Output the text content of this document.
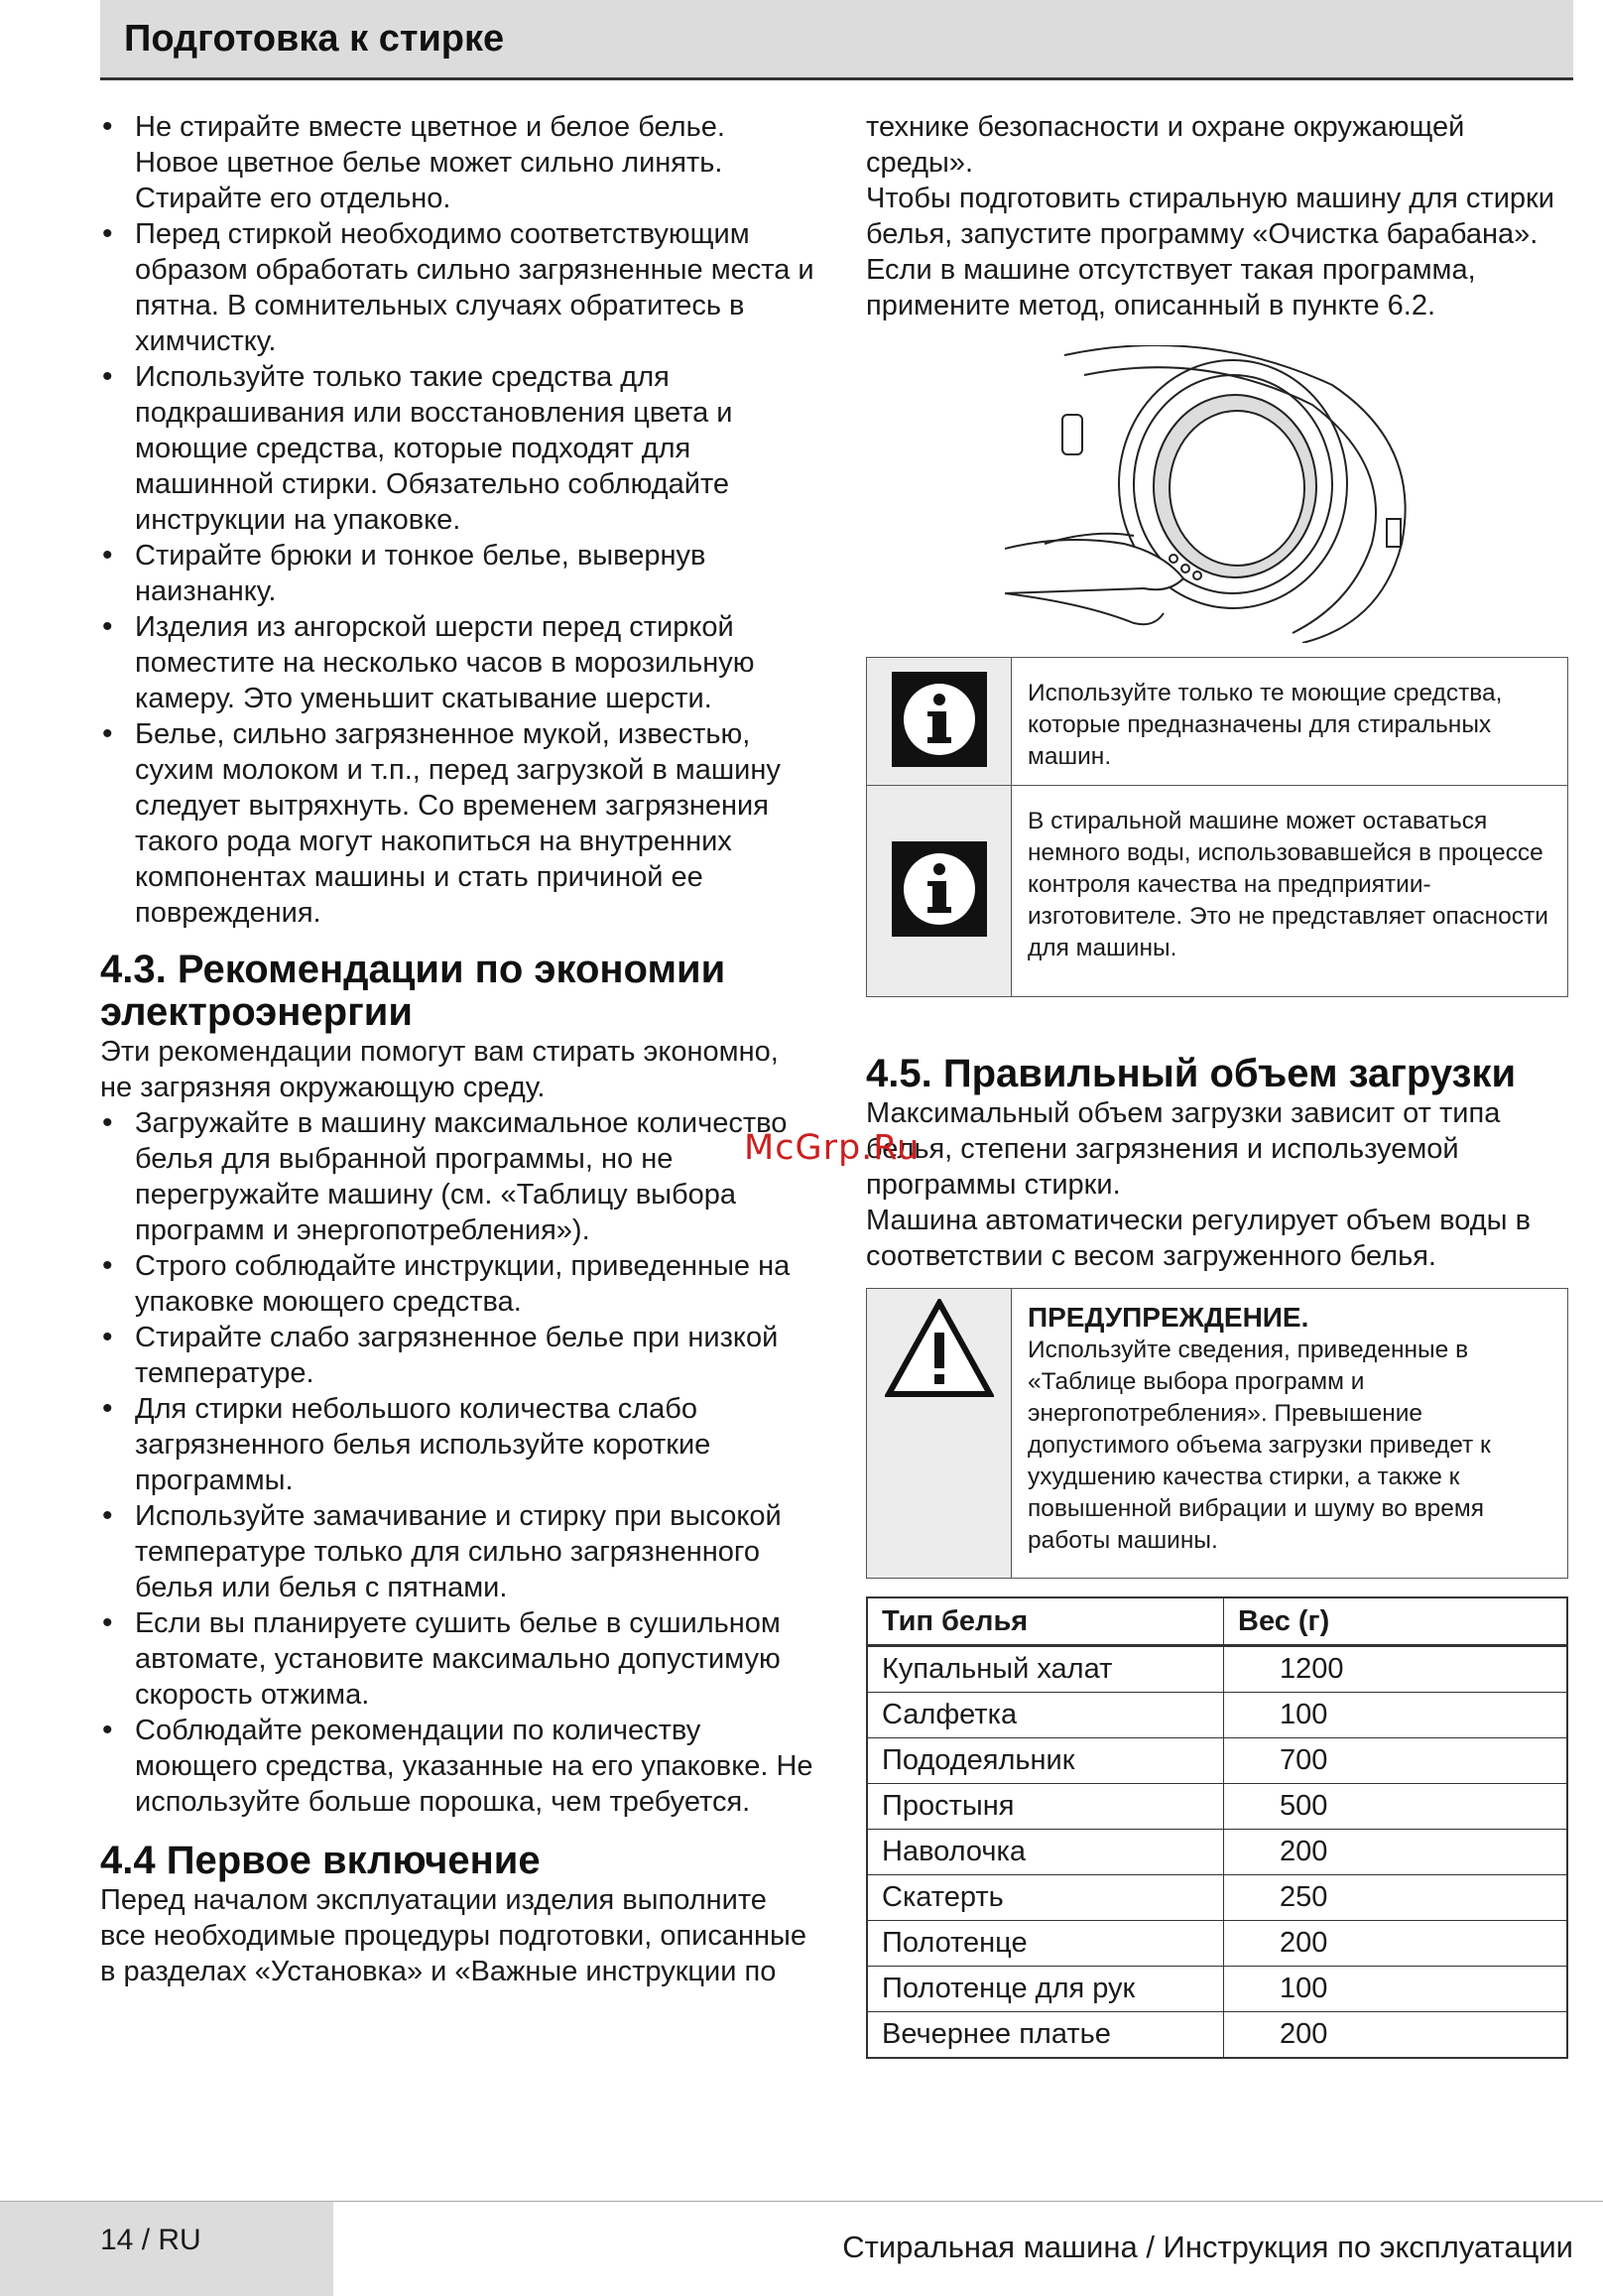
Подготовка к стирке
• Не стирайте вместе цветное и белое белье. Новое цветное белье может сильно линять. Стирайте его отдельно.
• Перед стиркой необходимо соответствующим образом обработать сильно загрязненные места и пятна. В сомнительных случаях обратитесь в химчистку.
• Используйте только такие средства для подкрашивания или восстановления цвета и моющие средства, которые подходят для машинной стирки. Обязательно соблюдайте инструкции на упаковке.
• Стирайте брюки и тонкое белье, вывернув наизнанку.
• Изделия из ангорской шерсти перед стиркой поместите на несколько часов в морозильную камеру. Это уменьшит скатывание шерсти.
• Белье, сильно загрязненное мукой, известью, сухим молоком и т.п., перед загрузкой в машину следует вытряхнуть. Со временем загрязнения такого рода могут накопиться на внутренних компонентах машины и стать причиной ее повреждения.
4.3. Рекомендации по экономии электроэнергии

Эти рекомендации помогут вам стирать экономно, не загрязняя окружающую среду.

• Загружайте в машину максимальное количество белья для выбранной программы, но не перегружайте машину (см. «Таблицу выбора программ и энергопотребления»).
• Строго соблюдайте инструкции, приведенные на упаковке моющего средства.
• Стирайте слабо загрязненное белье при низкой температуре.
• Для стирки небольшого количества слабо загрязненного белья используйте короткие программы.
• Используйте замачивание и стирку при высокой температуре только для сильно загрязненного белья или белья с пятнами.
• Если вы планируете сушить белье в сушильном автомате, установите максимально допустимую скорость отжима.
• Соблюдайте рекомендации по количеству моющего средства, указанные на его упаковке. Не используйте больше порошка, чем требуется.
4.4 Первое включение

Перед началом эксплуатации изделия выполните все необходимые процедуры подготовки, описанные в разделах «Установка» и «Важные инструкции по

технике безопасности и охране окружающей среды».

Чтобы подготовить стиральную машину для стирки белья, запустите программу «Очистка барабана». Если в машине отсутствует такая программа, примените метод, описанный в пункте 6.2.

	Используйте только те моющие средства, которые предназначены для стиральных машин.
	В стиральной машине может оставаться немного воды, использовавшейся в процессе контроля качества на предприятии-изготовителе. Это не представляет опасности для машины.
4.5. Правильный объем загрузки

Максимальный объем загрузки зависит от типа белья, степени загрязнения и используемой программы стирки.

Машина автоматически регулирует объем воды в соответствии с весом загруженного белья.

ПРЕДУПРЕЖДЕНИЕ.
Используйте сведения, приведенные в «Таблице выбора программ и энергопотребления». Превышение допустимого объема загрузки приведет к ухудшению качества стирки, а также к повышенной вибрации и шуму во время работы машины.
Тип белья	Вес (г)
Купальный халат	1200
Салфетка	100
Пододеяльник	700
Простыня	500
Наволочка	200
Скатерть	250
Полотенце	200
Полотенце для рук	100
Вечернее платье	200
McGrp.Ru
14 / RU	Стиральная машина / Инструкция по эксплуатации
